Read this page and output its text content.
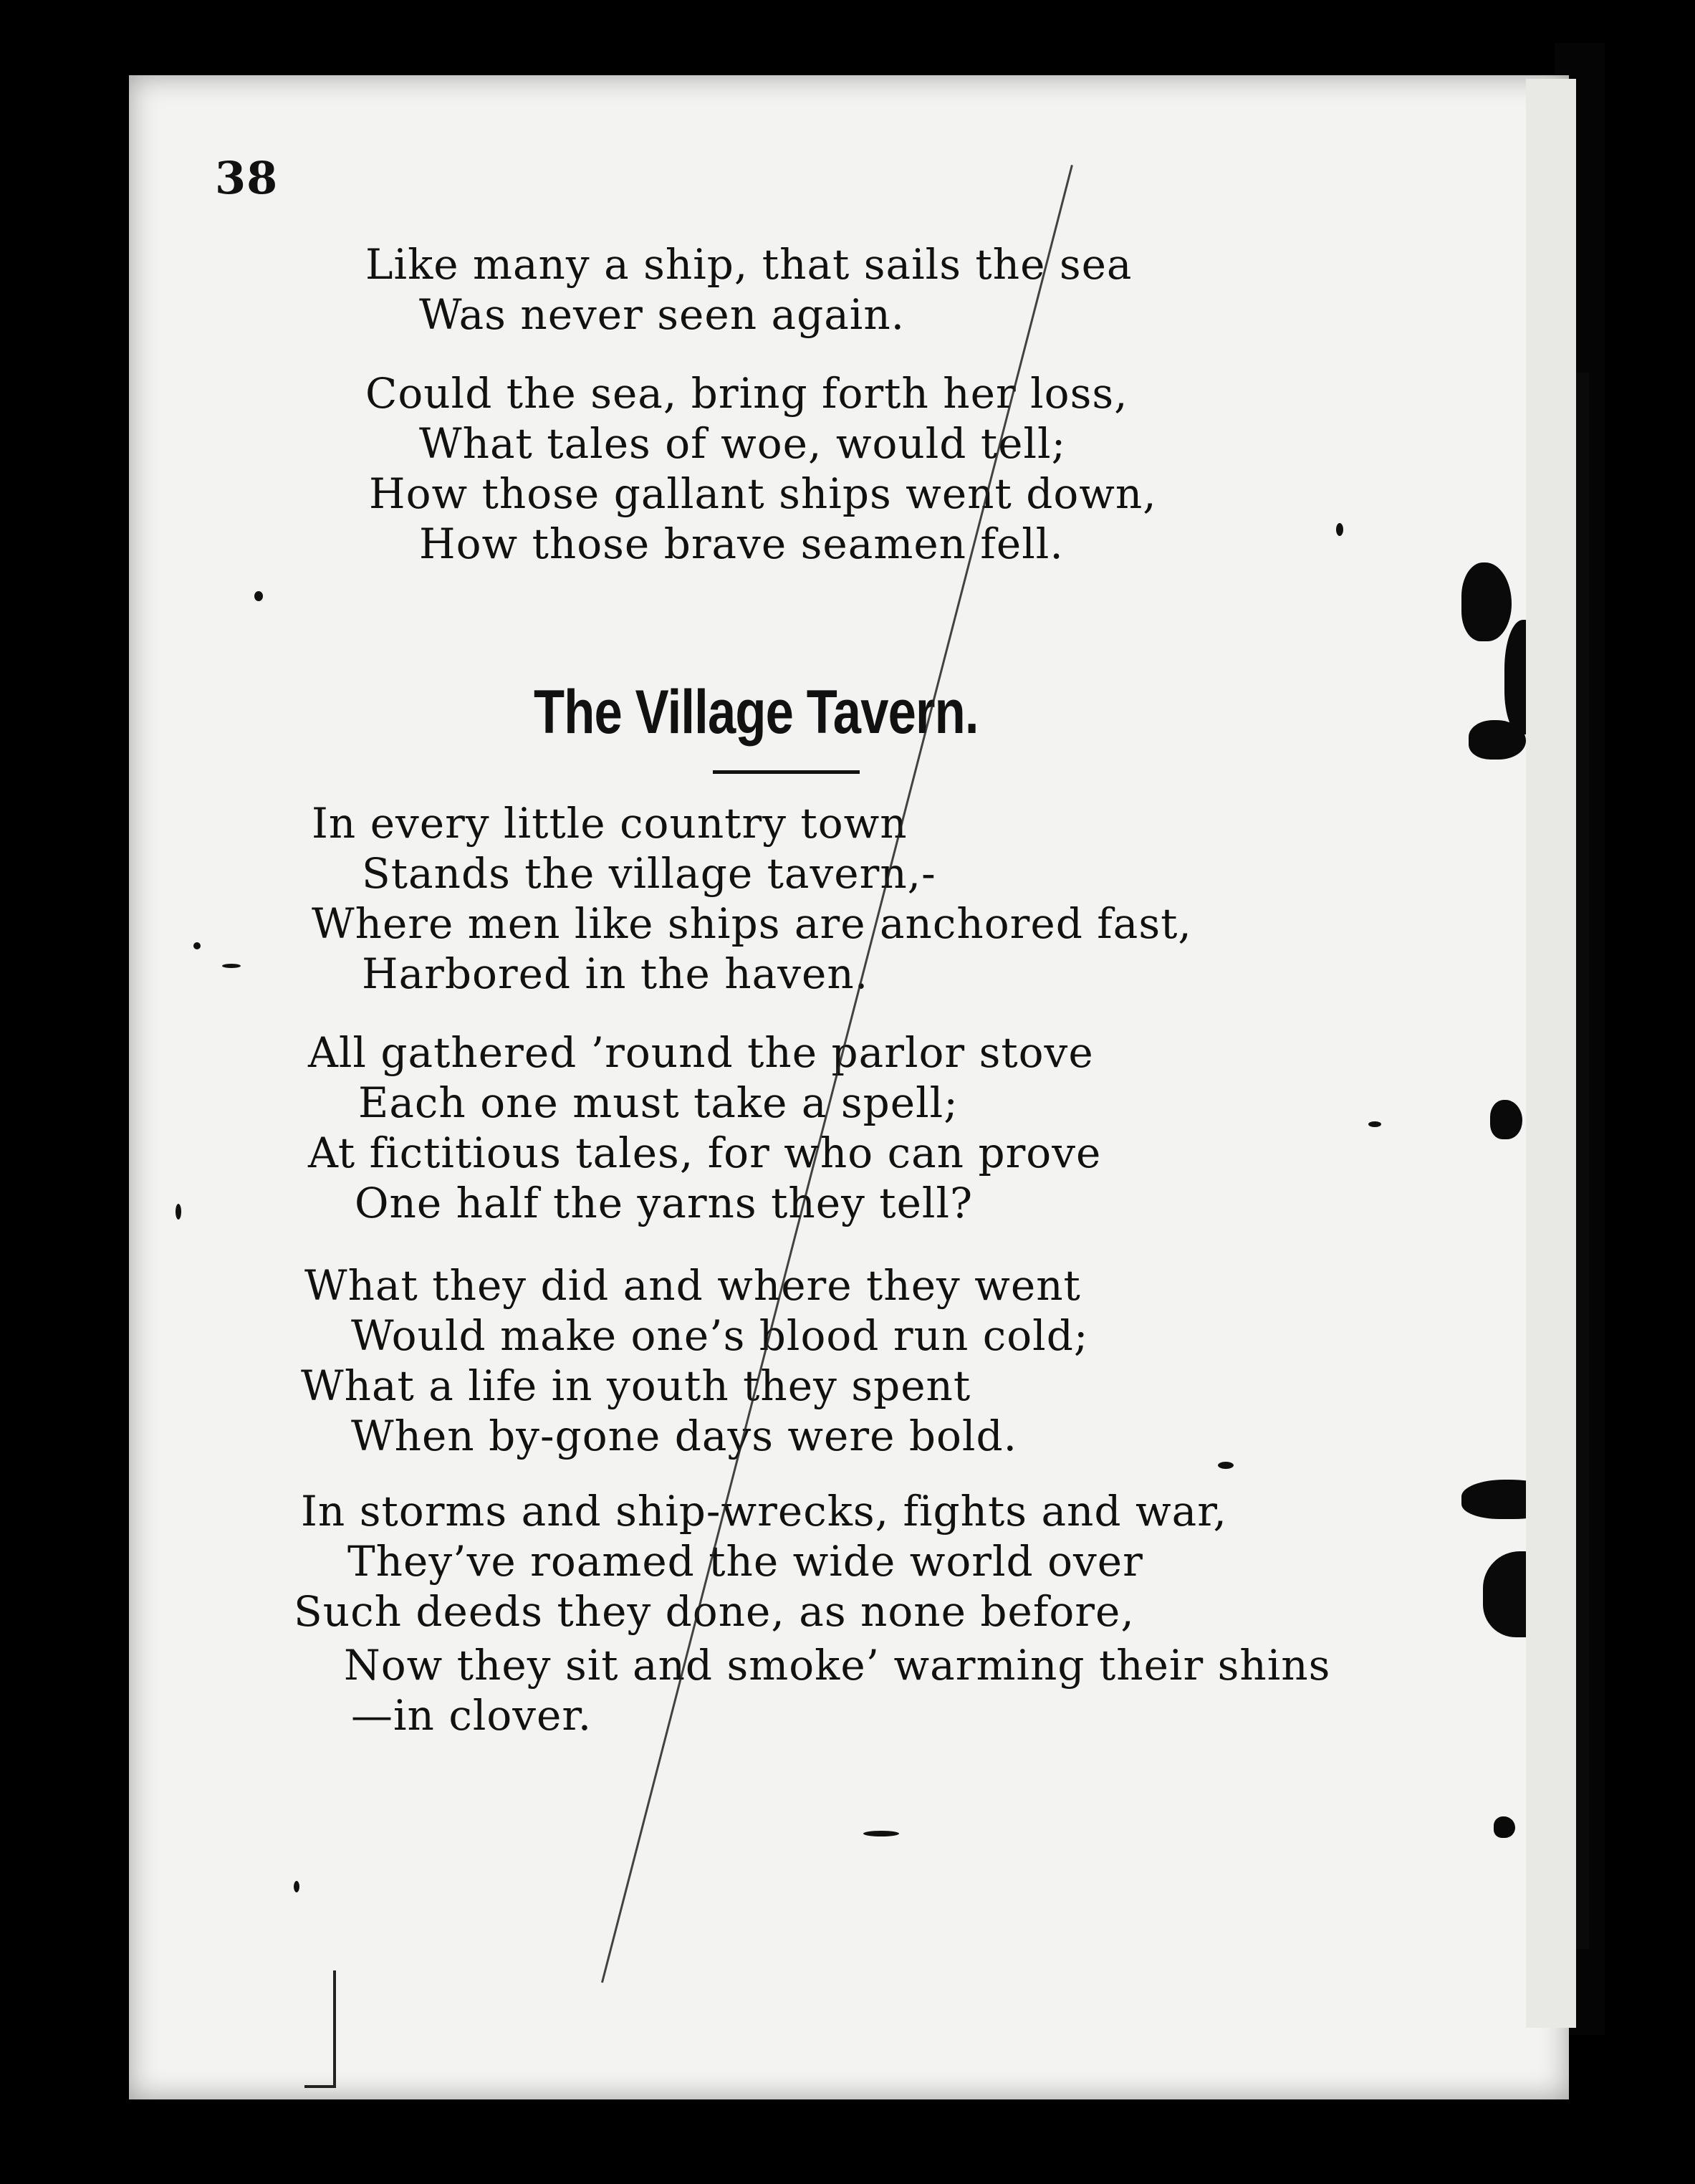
38
Like many a ship, that sails the sea
Was never seen again.
Could the sea, bring forth her loss,
What tales of woe, would tell;
How those gallant ships went down,
How those brave seamen fell.
The Village Tavern.
In every little country town
Stands the village tavern,-
Where men like ships are anchored fast,
Harbored in the haven.
All gathered ’round the parlor stove
Each one must take a spell;
At fictitious tales, for who can prove
One half the yarns they tell?
What they did and where they went
Would make one’s blood run cold;
What a life in youth they spent
When by-gone days were bold.
In storms and ship-wrecks, fights and war,
They’ve roamed the wide world over
Such deeds they done, as none before,
Now they sit and smoke’ warming their shins
—in clover.
